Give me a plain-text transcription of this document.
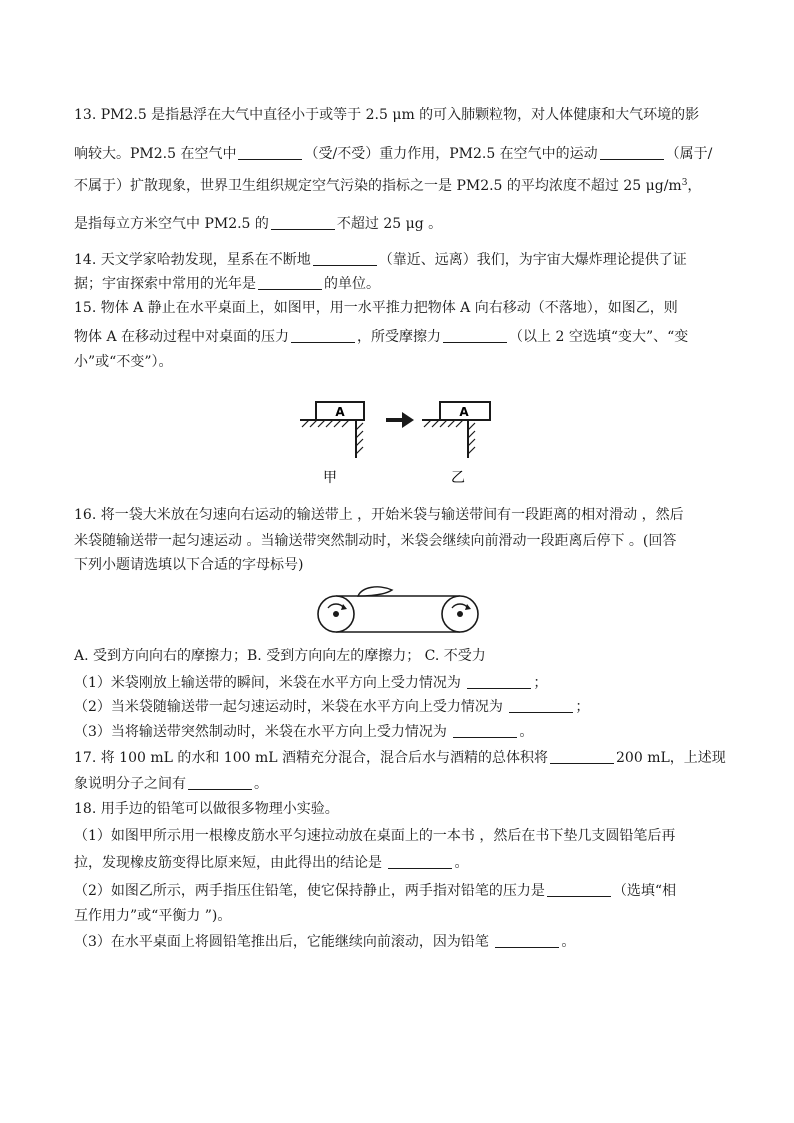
13. PM2.5 是指悬浮在大气中直径小于或等于 2.5 μm 的可入肺颗粒物，对人体健康和大气环境的影
响较大。PM2.5 在空气中	（受/不受）重力作用，PM2.5 在空气中的运动	（属于/
不属于）扩散现象，世界卫生组织规定空气污染的指标之一是 PM2.5 的平均浓度不超过 25 $\mu g/m^3$，
是指每立方米空气中 PM2.5 的	不超过 25 μg 。
14. 天文学家哈勃发现，星系在不断地	（靠近、远离）我们，为宇宙大爆炸理论提供了证
据；宇宙探索中常用的光年是	的单位。
15. 物体 A 静止在水平桌面上，如图甲，用一水平推力把物体 A 向右移动（不落地），如图乙，则
物体 A 在移动过程中对桌面的压力	，所受摩擦力	（以上 2 空选填“变大”、“变
小”或“不变”）。
A
甲
A
乙
16. 将一袋大米放在匀速向右运动的输送带上 ，开始米袋与输送带间有一段距离的相对滑动 ，然后
米袋随输送带一起匀速运动 。当输送带突然制动时，米袋会继续向前滑动一段距离后停下 。(回答
下列小题请选填以下合适的字母标号)
A. 受到方向向右的摩擦力；B. 受到方向向左的摩擦力； C. 不受力
（1）米袋刚放上输送带的瞬间，米袋在水平方向上受力情况为	；
（2）当米袋随输送带一起匀速运动时，米袋在水平方向上受力情况为	；
（3）当将输送带突然制动时，米袋在水平方向上受力情况为	。
17. 将 100 mL 的水和 100 mL 酒精充分混合，混合后水与酒精的总体积将	200 mL，上述现
象说明分子之间有	。
18. 用手边的铅笔可以做很多物理小实验。
（1）如图甲所示用一根橡皮筋水平匀速拉动放在桌面上的一本书 ，然后在书下垫几支圆铅笔后再
拉，发现橡皮筋变得比原来短，由此得出的结论是	。
（2）如图乙所示，两手指压住铅笔，使它保持静止，两手指对铅笔的压力是	（选填“相
互作用力”或“平衡力 ”)。
（3）在水平桌面上将圆铅笔推出后，它能继续向前滚动，因为铅笔	。
